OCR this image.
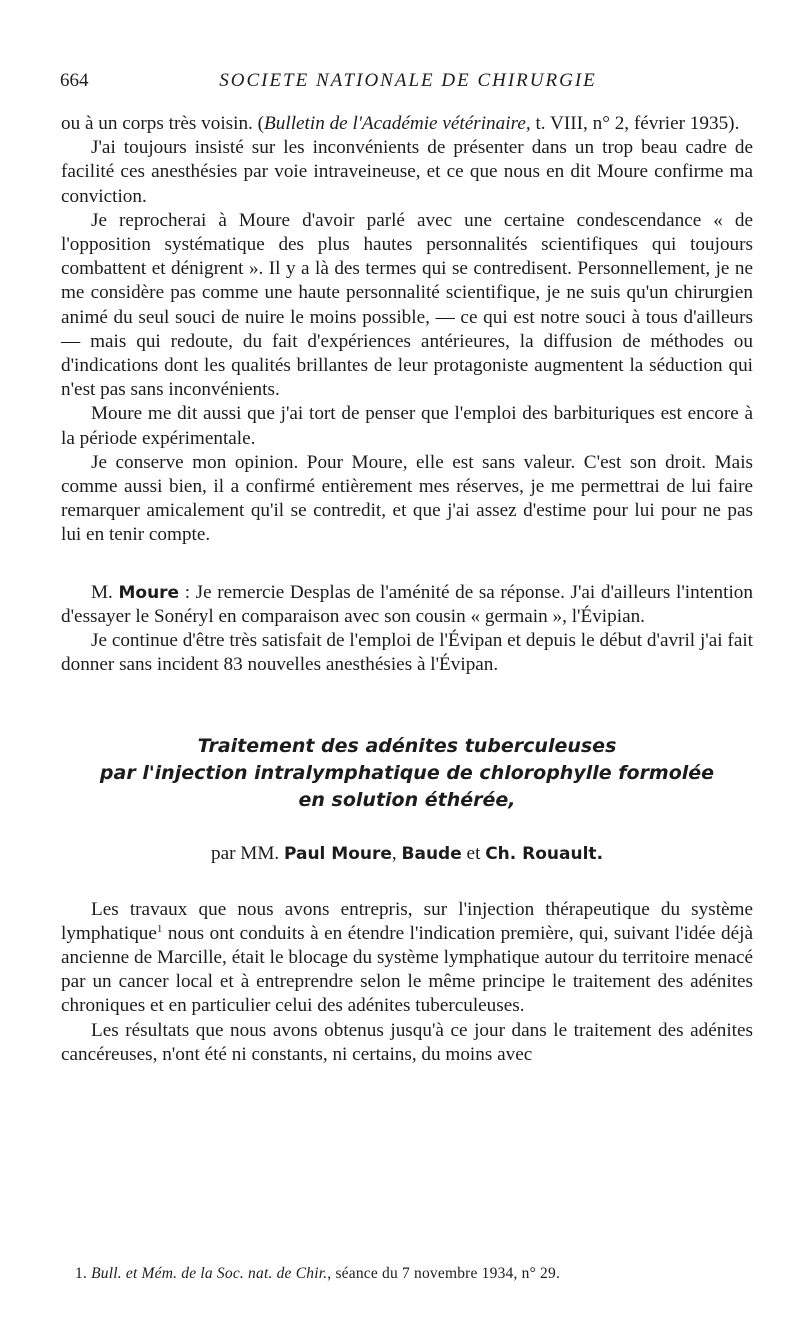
664	SOCIETE NATIONALE DE CHIRURGIE

ou à un corps très voisin. (Bulletin de l'Académie vétérinaire, t. VIII, n° 2, février 1935).

J'ai toujours insisté sur les inconvénients de présenter dans un trop beau cadre de facilité ces anesthésies par voie intraveineuse, et ce que nous en dit Moure confirme ma conviction.

Je reprocherai à Moure d'avoir parlé avec une certaine condescendance « de l'opposition systématique des plus hautes personnalités scientifiques qui toujours combattent et dénigrent ». Il y a là des termes qui se contredisent. Personnellement, je ne me considère pas comme une haute personnalité scientifique, je ne suis qu'un chirurgien animé du seul souci de nuire le moins possible, — ce qui est notre souci à tous d'ailleurs — mais qui redoute, du fait d'expériences antérieures, la diffusion de méthodes ou d'indications dont les qualités brillantes de leur protagoniste augmentent la séduction qui n'est pas sans inconvénients.

Moure me dit aussi que j'ai tort de penser que l'emploi des barbituriques est encore à la période expérimentale.

Je conserve mon opinion. Pour Moure, elle est sans valeur. C'est son droit. Mais comme aussi bien, il a confirmé entièrement mes réserves, je me permettrai de lui faire remarquer amicalement qu'il se contredit, et que j'ai assez d'estime pour lui pour ne pas lui en tenir compte.

M. Moure : Je remercie Desplas de l'aménité de sa réponse. J'ai d'ailleurs l'intention d'essayer le Sonéryl en comparaison avec son cousin « germain », l'Évipian.

Je continue d'être très satisfait de l'emploi de l'Évipan et depuis le début d'avril j'ai fait donner sans incident 83 nouvelles anesthésies à l'Évipan.

Traitement des adénites tuberculeuses
par l'injection intralymphatique de chlorophylle formolée
en solution éthérée,
par MM. Paul Moure, Baude et Ch. Rouault.

Les travaux que nous avons entrepris, sur l'injection thérapeutique du système lymphatique$^1$ nous ont conduits à en étendre l'indication première, qui, suivant l'idée déjà ancienne de Marcille, était le blocage du système lymphatique autour du territoire menacé par un cancer local et à entreprendre selon le même principe le traitement des adénites chroniques et en particulier celui des adénites tuberculeuses.

Les résultats que nous avons obtenus jusqu'à ce jour dans le traitement des adénites cancéreuses, n'ont été ni constants, ni certains, du moins avec

1. Bull. et Mém. de la Soc. nat. de Chir., séance du 7 novembre 1934, n° 29.
